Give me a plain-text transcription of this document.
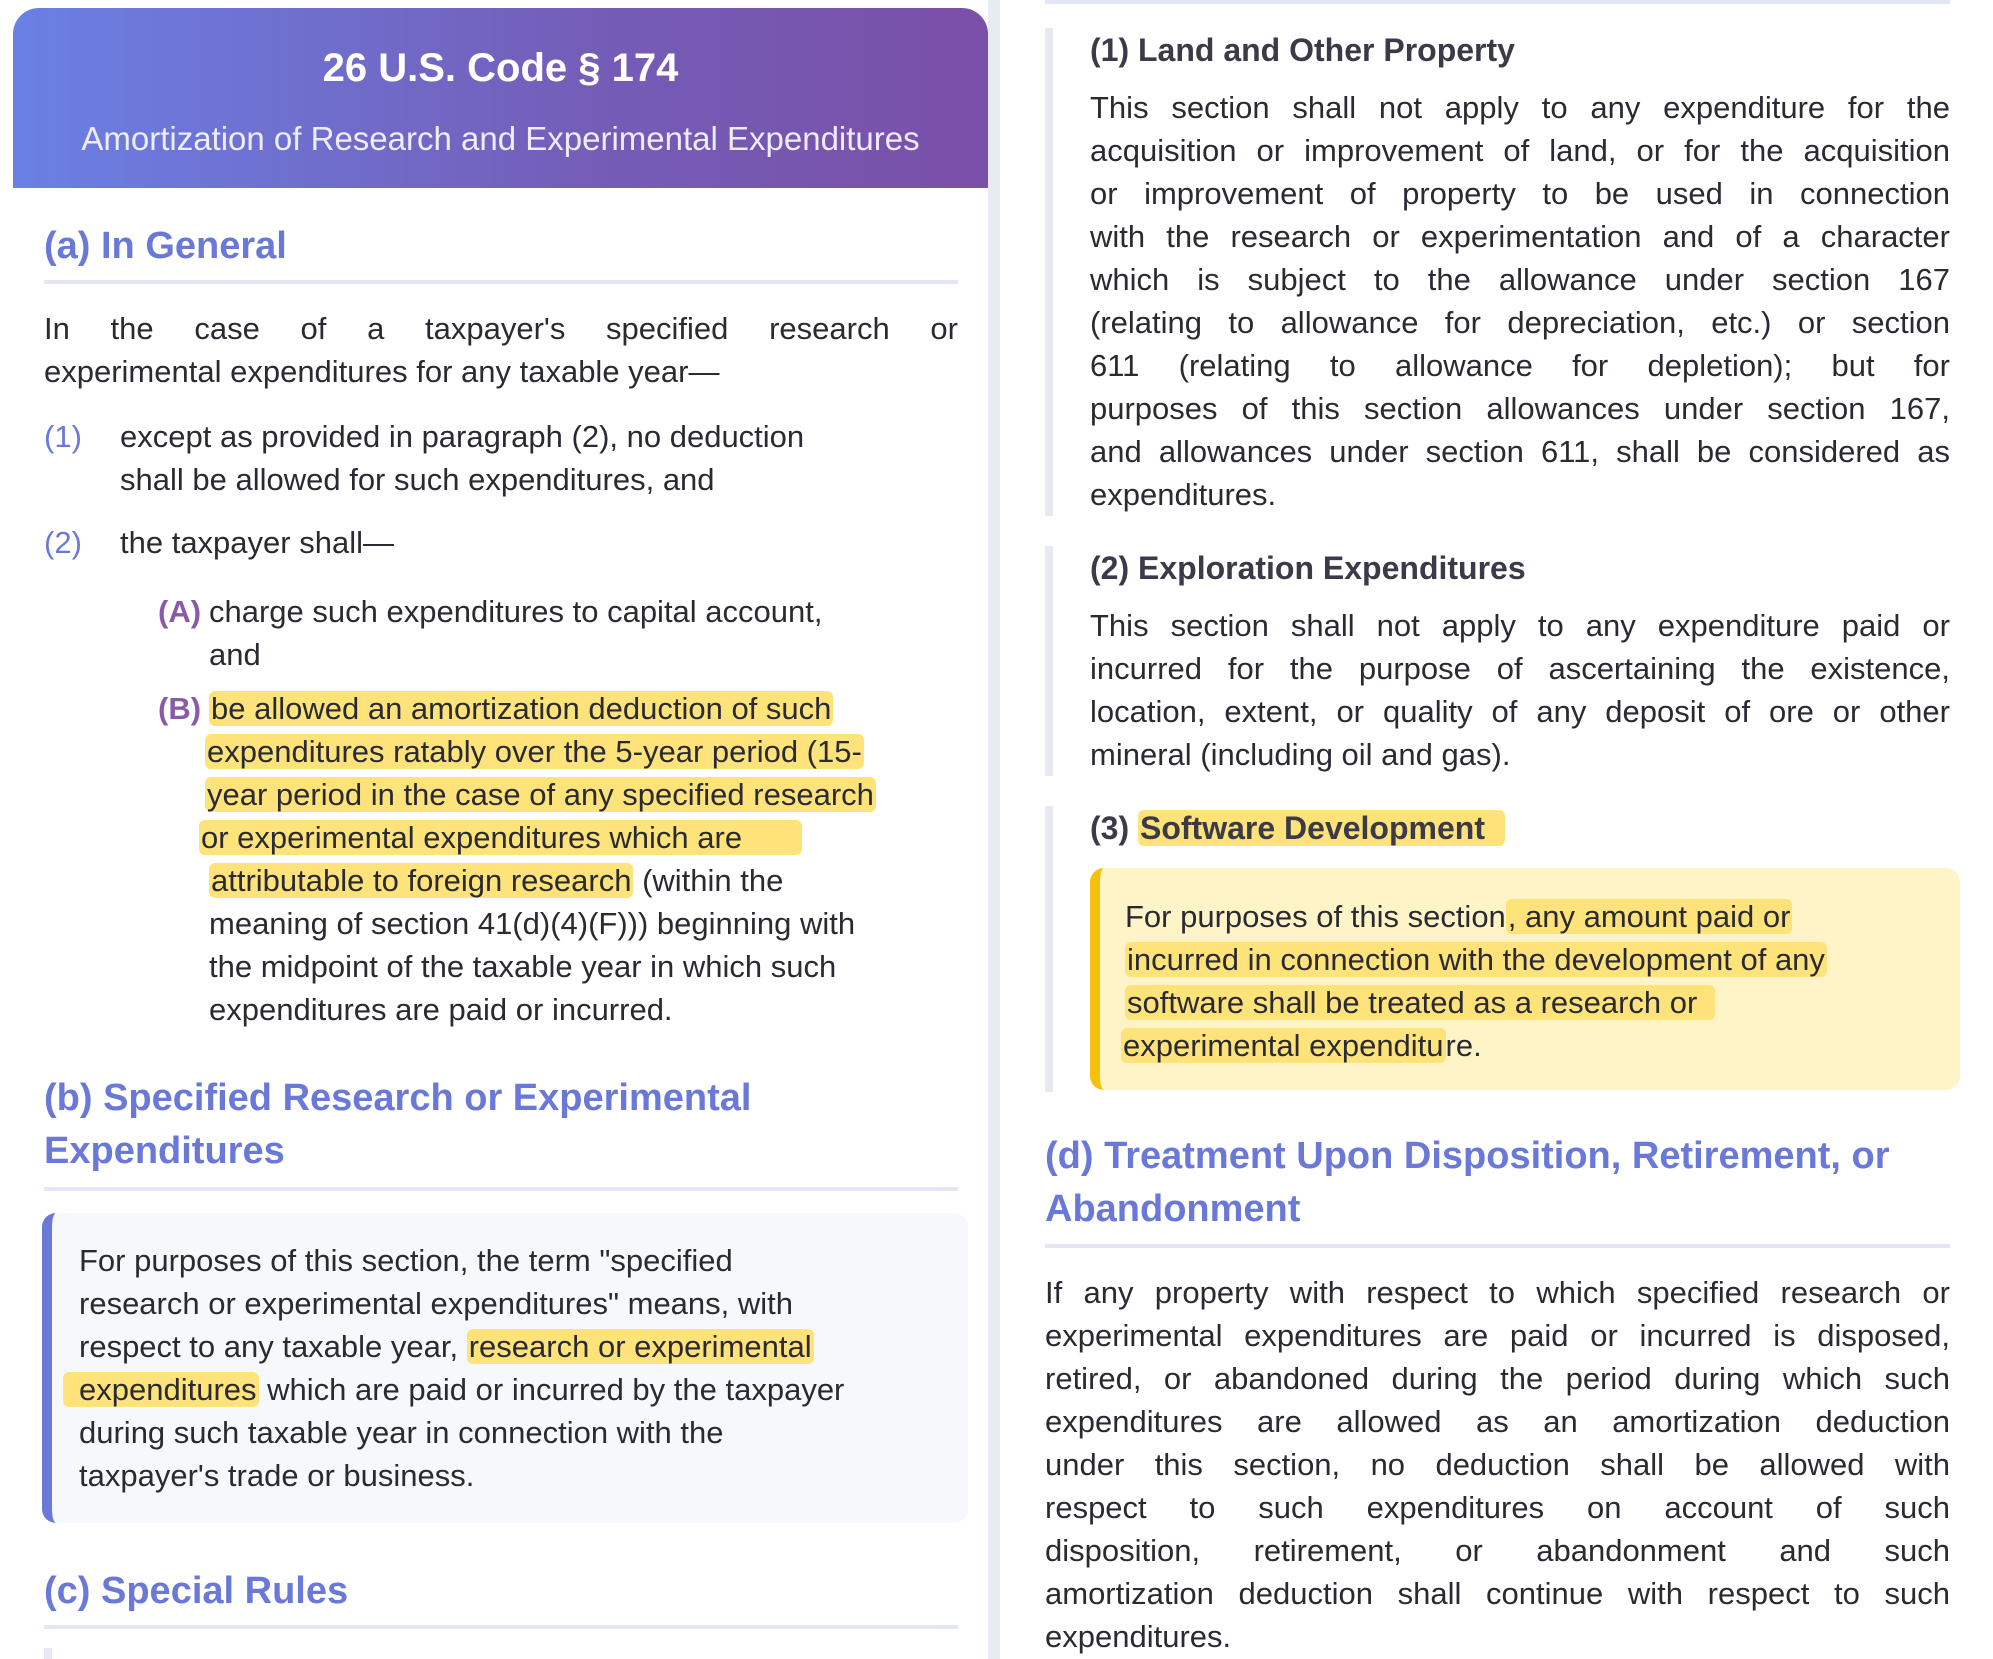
26 U.S. Code § 174
Amortization of Research and Experimental Expenditures
(a) In General
In the case of a taxpayer's specified research or
experimental expenditures for any taxable year—
(1) except as provided in paragraph (2), no deduction
shall be allowed for such expenditures, and
(2) the taxpayer shall—
(A) charge such expenditures to capital account,
and
(B) be allowed an amortization deduction of such
expenditures ratably over the 5-year period (15-
year period in the case of any specified research
or experimental expenditures which are
attributable to foreign research (within the
meaning of section 41(d)(4)(F))) beginning with
the midpoint of the taxable year in which such
expenditures are paid or incurred.
(b) Specified Research or Experimental
Expenditures
For purposes of this section, the term "specified
research or experimental expenditures" means, with
respect to any taxable year, research or experimental
expenditures which are paid or incurred by the taxpayer
during such taxable year in connection with the
taxpayer's trade or business.
(c) Special Rules
(1) Land and Other Property
This section shall not apply to any expenditure for the
acquisition or improvement of land, or for the acquisition
or improvement of property to be used in connection
with the research or experimentation and of a character
which is subject to the allowance under section 167
(relating to allowance for depreciation, etc.) or section
611 (relating to allowance for depletion); but for
purposes of this section allowances under section 167,
and allowances under section 611, shall be considered as
expenditures.
(2) Exploration Expenditures
This section shall not apply to any expenditure paid or
incurred for the purpose of ascertaining the existence,
location, extent, or quality of any deposit of ore or other
mineral (including oil and gas).
(3) Software Development
For purposes of this section, any amount paid or
incurred in connection with the development of any
software shall be treated as a research or
experimental expenditure.
(d) Treatment Upon Disposition, Retirement, or
Abandonment
If any property with respect to which specified research or
experimental expenditures are paid or incurred is disposed,
retired, or abandoned during the period during which such
expenditures are allowed as an amortization deduction
under this section, no deduction shall be allowed with
respect to such expenditures on account of such
disposition, retirement, or abandonment and such
amortization deduction shall continue with respect to such
expenditures.
